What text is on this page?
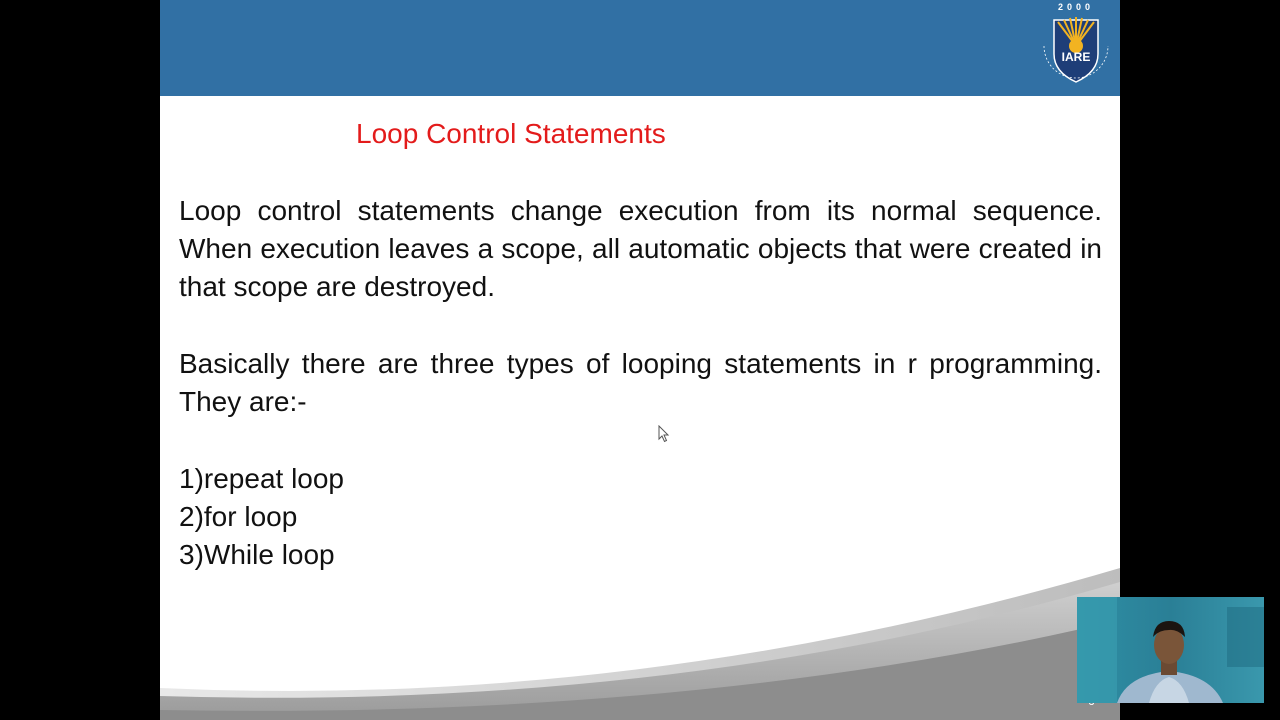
2000
IARE
Loop Control Statements

Loop control statements change execution from its normal sequence. When execution leaves a scope, all automatic objects that were created in that scope are destroyed.

Basically there are three types of looping statements in r programming. They are:-

1)repeat loop
2)for loop
3)While loop
